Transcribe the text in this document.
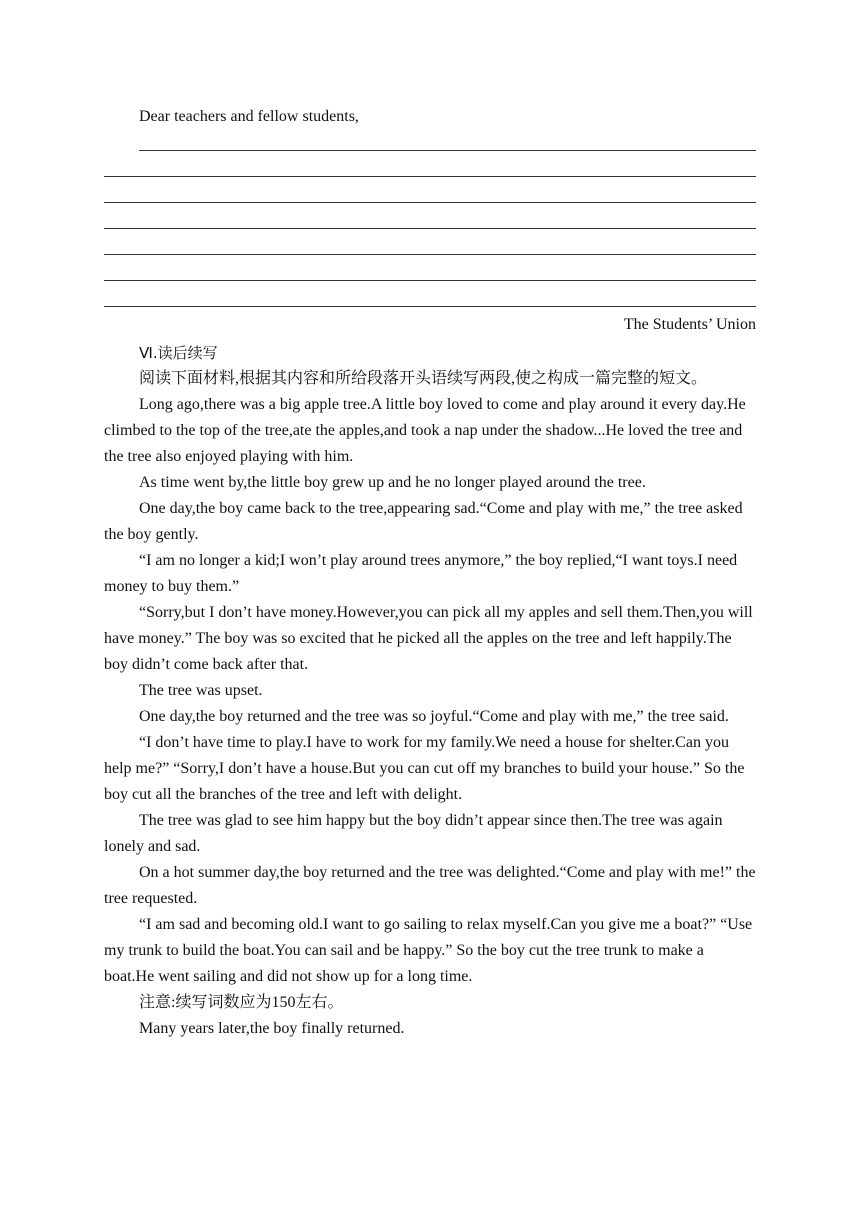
Dear teachers and fellow students,
The Students’ Union

Ⅵ.读后续写

阅读下面材料,根据其内容和所给段落开头语续写两段,使之构成一篇完整的短文。

Long ago,there was a big apple tree.A little boy loved to come and play around it every day.He climbed to the top of the tree,ate the apples,and took a nap under the shadow...He loved the tree and the tree also enjoyed playing with him.

As time went by,the little boy grew up and he no longer played around the tree.

One day,the boy came back to the tree,appearing sad.“Come and play with me,” the tree asked the boy gently.

“I am no longer a kid;I won’t play around trees anymore,” the boy replied,“I want toys.I need money to buy them.”

“Sorry,but I don’t have money.However,you can pick all my apples and sell them.Then,you will have money.” The boy was so excited that he picked all the apples on the tree and left happily.The boy didn’t come back after that.

The tree was upset.

One day,the boy returned and the tree was so joyful.“Come and play with me,” the tree said.

“I don’t have time to play.I have to work for my family.We need a house for shelter.Can you help me?” “Sorry,I don’t have a house.But you can cut off my branches to build your house.” So the boy cut all the branches of the tree and left with delight.

The tree was glad to see him happy but the boy didn’t appear since then.The tree was again lonely and sad.

On a hot summer day,the boy returned and the tree was delighted.“Come and play with me!” the tree requested.

“I am sad and becoming old.I want to go sailing to relax myself.Can you give me a boat?” “Use my trunk to build the boat.You can sail and be happy.” So the boy cut the tree trunk to make a boat.He went sailing and did not show up for a long time.

注意:续写词数应为150左右。

Many years later,the boy finally returned.
